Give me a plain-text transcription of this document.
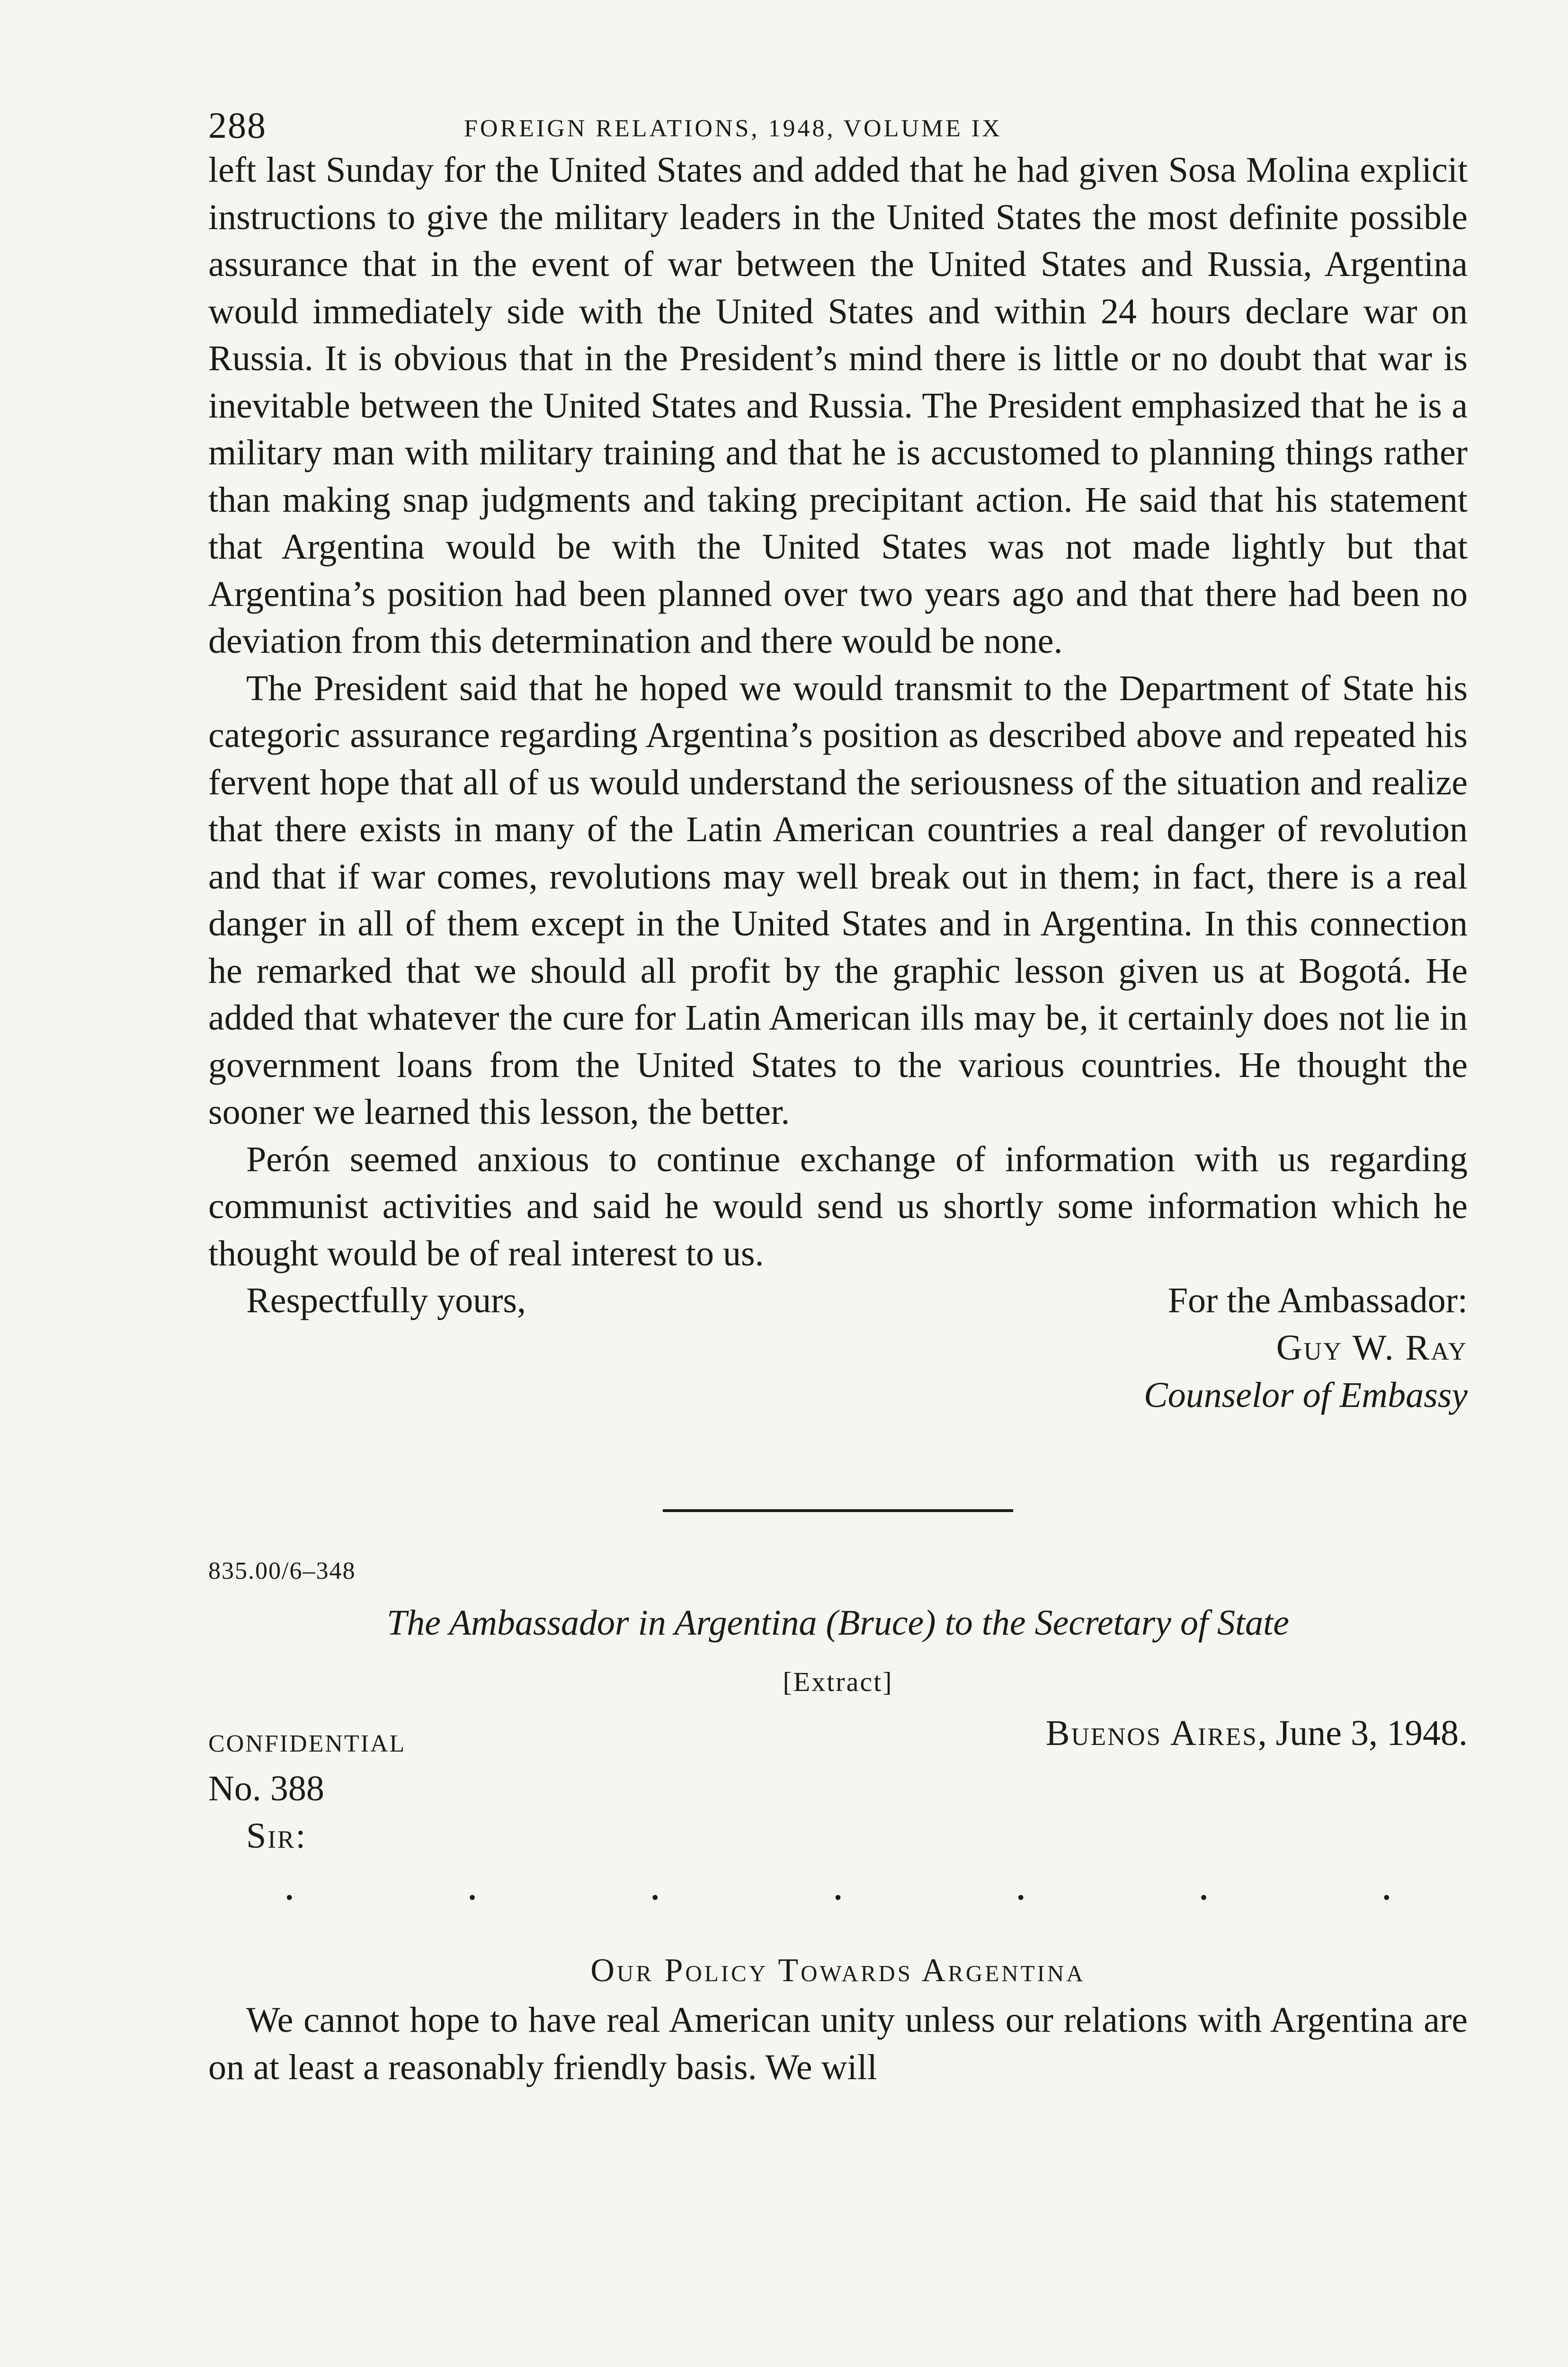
288	FOREIGN RELATIONS, 1948, VOLUME IX

left last Sunday for the United States and added that he had given Sosa Molina explicit instructions to give the military leaders in the United States the most definite possible assurance that in the event of war between the United States and Russia, Argentina would immediately side with the United States and within 24 hours declare war on Russia. It is obvious that in the President’s mind there is little or no doubt that war is inevitable between the United States and Russia. The President emphasized that he is a military man with military training and that he is accustomed to planning things rather than making snap judgments and taking precipitant action. He said that his statement that Argentina would be with the United States was not made lightly but that Argentina’s position had been planned over two years ago and that there had been no deviation from this determination and there would be none.

The President said that he hoped we would transmit to the Department of State his categoric assurance regarding Argentina’s position as described above and repeated his fervent hope that all of us would understand the seriousness of the situation and realize that there exists in many of the Latin American countries a real danger of revolution and that if war comes, revolutions may well break out in them; in fact, there is a real danger in all of them except in the United States and in Argentina. In this connection he remarked that we should all profit by the graphic lesson given us at Bogotá. He added that whatever the cure for Latin American ills may be, it certainly does not lie in government loans from the United States to the various countries. He thought the sooner we learned this lesson, the better.

Perón seemed anxious to continue exchange of information with us regarding communist activities and said he would send us shortly some information which he thought would be of real interest to us.

Respectfully yours,	For the Ambassador:
Guy W. Ray
Counselor of Embassy
835.00/6–348
The Ambassador in Argentina (Bruce) to the Secretary of State
[Extract]
CONFIDENTIAL	Buenos Aires, June 3, 1948.
No. 388
Sir:
.	.	.	.	.	.	.
Our Policy Towards Argentina

We cannot hope to have real American unity unless our relations with Argentina are on at least a reasonably friendly basis. We will
